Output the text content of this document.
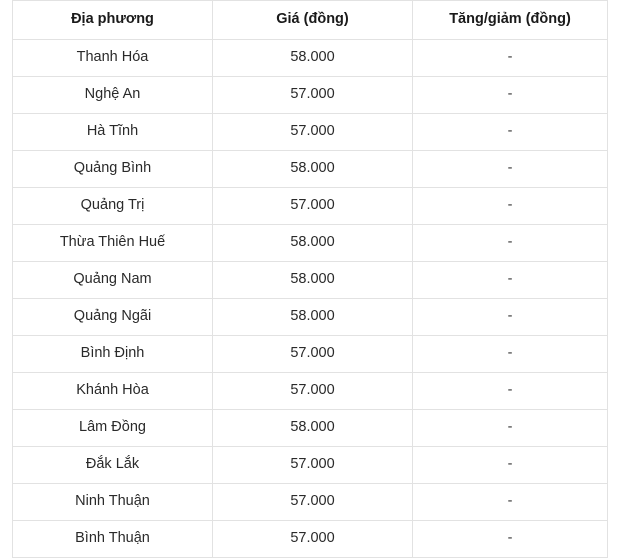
Địa phương	Giá (đồng)	Tăng/giảm (đồng)
Thanh Hóa	58.000	-
Nghệ An	57.000	-
Hà Tĩnh	57.000	-
Quảng Bình	58.000	-
Quảng Trị	57.000	-
Thừa Thiên Huế	58.000	-
Quảng Nam	58.000	-
Quảng Ngãi	58.000	-
Bình Định	57.000	-
Khánh Hòa	57.000	-
Lâm Đồng	58.000	-
Đắk Lắk	57.000	-
Ninh Thuận	57.000	-
Bình Thuận	57.000	-
